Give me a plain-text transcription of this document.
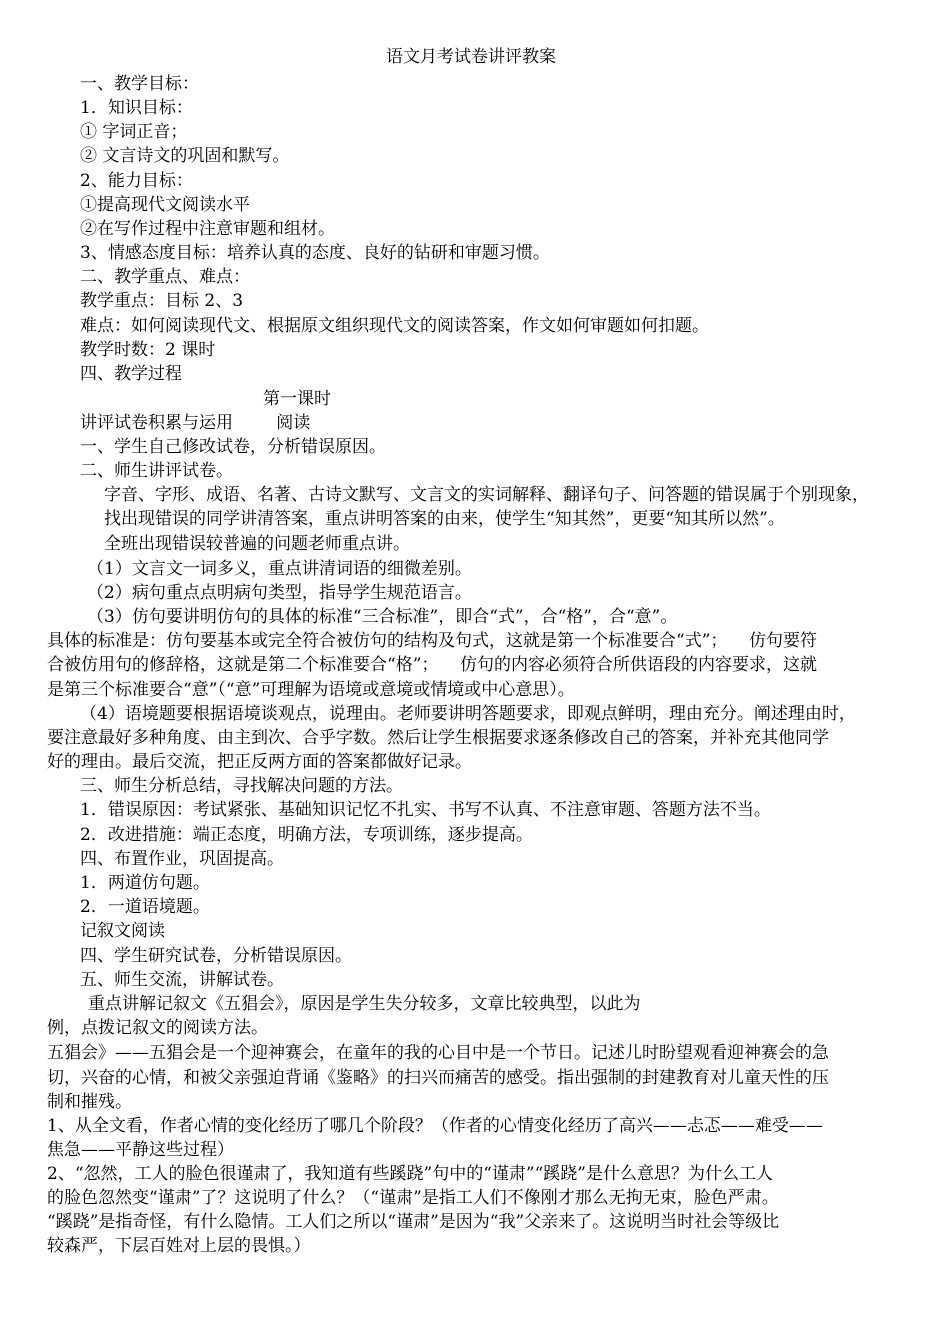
语文月考试卷讲评教案
一、教学目标：
1．知识目标：
① 字词正音；
② 文言诗文的巩固和默写。
2、能力目标：
①提高现代文阅读水平
②在写作过程中注意审题和组材。
3、情感态度目标：培养认真的态度、良好的钻研和审题习惯。
二、教学重点、难点：
教学重点：目标 2、3
难点：如何阅读现代文、根据原文组织现代文的阅读答案，作文如何审题如何扣题。
教学时数：2 课时
四、教学过程
第一课时
讲评试卷积累与运用        阅读
一、学生自己修改试卷，分析错误原因。
二、师生讲评试卷。
字音、字形、成语、名著、古诗文默写、文言文的实词解释、翻译句子、问答题的错误属于个别现象，
找出现错误的同学讲清答案，重点讲明答案的由来，使学生“知其然”，更要“知其所以然”。
全班出现错误较普遍的问题老师重点讲。
（1）文言文一词多义，重点讲清词语的细微差别。
（2）病句重点点明病句类型，指导学生规范语言。
（3）仿句要讲明仿句的具体的标准“三合标准”，即合“式”，合“格”，合“意”。
具体的标准是：仿句要基本或完全符合被仿句的结构及句式，这就是第一个标准要合“式”；    仿句要符
合被仿用句的修辞格，这就是第二个标准要合“格”；    仿句的内容必须符合所供语段的内容要求，这就
是第三个标准要合“意”（“意”可理解为语境或意境或情境或中心意思）。
（4）语境题要根据语境谈观点，说理由。老师要讲明答题要求，即观点鲜明，理由充分。阐述理由时，
要注意最好多种角度、由主到次、合乎字数。然后让学生根据要求逐条修改自己的答案，并补充其他同学
好的理由。最后交流，把正反两方面的答案都做好记录。
三、师生分析总结，寻找解决问题的方法。
1．错误原因：考试紧张、基础知识记忆不扎实、书写不认真、不注意审题、答题方法不当。
2．改进措施：端正态度，明确方法，专项训练，逐步提高。
四、布置作业，巩固提高。
1．两道仿句题。
2．一道语境题。
记叙文阅读
四、学生研究试卷，分析错误原因。
五、师生交流，讲解试卷。
重点讲解记叙文《五猖会》，原因是学生失分较多，文章比较典型，以此为
例，点拨记叙文的阅读方法。
五猖会》——五猖会是一个迎神赛会，在童年的我的心目中是一个节日。记述儿时盼望观看迎神赛会的急
切，兴奋的心情，和被父亲强迫背诵《鉴略》的扫兴而痛苦的感受。指出强制的封建教育对儿童天性的压
制和摧残。
1、从全文看，作者心情的变化经历了哪几个阶段？（作者的心情变化经历了高兴——忐忑——难受——
焦急——平静这些过程）
2、“忽然，工人的脸色很谨肃了，我知道有些蹊跷”句中的“谨肃”“蹊跷”是什么意思？为什么工人
的脸色忽然变“谨肃”了？这说明了什么？（“谨肃”是指工人们不像刚才那么无拘无束，脸色严肃。
“蹊跷”是指奇怪，有什么隐情。工人们之所以“谨肃”是因为“我”父亲来了。这说明当时社会等级比
较森严，下层百姓对上层的畏惧。）
